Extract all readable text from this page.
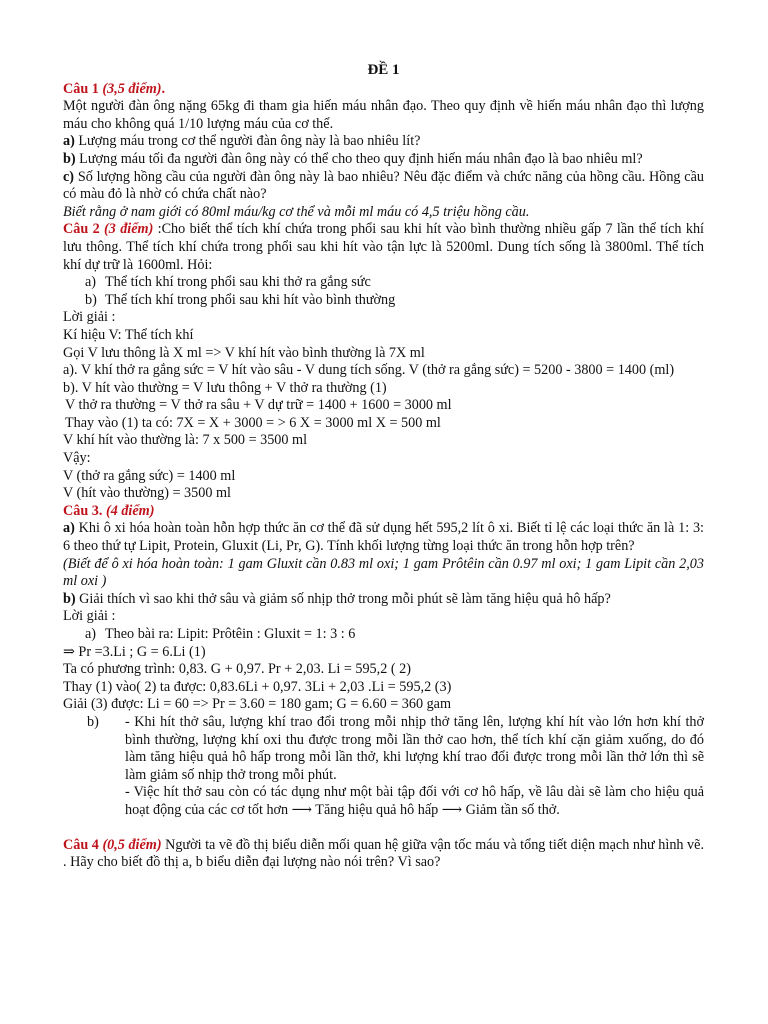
ĐỀ 1

Câu 1 (3,5 điểm).

Một người đàn ông nặng 65kg đi tham gia hiến máu nhân đạo. Theo quy định về hiến máu nhân đạo thì lượng máu cho không quá 1/10 lượng máu của cơ thể.

a) Lượng máu trong cơ thể người đàn ông này là bao nhiêu lít?

b) Lượng máu tối đa người đàn ông này có thể cho theo quy định hiến máu nhân đạo là bao nhiêu ml?

c) Số lượng hồng cầu của người đàn ông này là bao nhiêu? Nêu đặc điểm và chức năng của hồng cầu. Hồng cầu có màu đỏ là nhờ có chứa chất nào?

Biết rằng ở nam giới có 80ml máu/kg cơ thể và mỗi ml máu có 4,5 triệu hồng cầu.

Câu 2 (3 điểm) :Cho biết thể tích khí chứa trong phổi sau khi hít vào bình thường nhiều gấp 7 lần thể tích khí lưu thông. Thể tích khí chứa trong phổi sau khi hít vào tận lực là 5200ml. Dung tích sống là 3800ml. Thể tích khí dự trữ là 1600ml. Hỏi:

a) Thể tích khí trong phổi sau khi thở ra gắng sức
b) Thể tích khí trong phổi sau khi hít vào bình thường

Lời giải :

Kí hiệu V: Thể tích khí

Gọi V lưu thông là X ml => V khí hít vào bình thường là 7X ml

a). V khí thở ra gắng sức = V hít vào sâu - V dung tích sống. V (thở ra gắng sức) = 5200 - 3800 = 1400 (ml)

b). V hít vào thường = V lưu thông + V thở ra thường (1)

V thở ra thường = V thở ra sâu + V dự trữ = 1400 + 1600 = 3000 ml

Thay vào (1) ta có: 7X = X + 3000 = > 6 X = 3000 ml X = 500 ml

V khí hít vào thường là: 7 x 500 = 3500 ml

Vậy:

V (thở ra gắng sức) = 1400 ml

V (hít vào thường) = 3500 ml

Câu 3. (4 điểm)

a) Khi ô xi hóa hoàn toàn hỗn hợp thức ăn cơ thể đã sử dụng hết 595,2 lít ô xi. Biết tỉ lệ các loại thức ăn là 1: 3: 6 theo thứ tự Lipit, Protein, Gluxit (Li, Pr, G). Tính khối lượng từng loại thức ăn trong hỗn hợp trên?

(Biết để ô xi hóa hoàn toàn: 1 gam Gluxit cần 0.83 ml oxi; 1 gam Prôtêin cần 0.97 ml oxi; 1 gam Lipit cần 2,03 ml oxi )

b) Giải thích vì sao khi thở sâu và giảm số nhịp thở trong mỗi phút sẽ làm tăng hiệu quả hô hấp?

Lời giải :

a) Theo bài ra: Lipit: Prôtêin : Gluxit = 1: 3 : 6

⇒ Pr =3.Li ; G = 6.Li (1)

Ta có phương trình: 0,83. G + 0,97. Pr + 2,03. Li = 595,2 ( 2)

Thay (1) vào( 2) ta được: 0,83.6Li + 0,97. 3Li + 2,03 .Li = 595,2 (3)

Giải (3) được: Li = 60 => Pr = 3.60 = 180 gam; G = 6.60 = 360 gam

b)	- Khi hít thở sâu, lượng khí trao đổi trong mỗi nhịp thở tăng lên, lượng khí hít vào lớn hơn khí thở bình thường, lượng khí oxi thu được trong mỗi lần thở cao hơn, thể tích khí cặn giảm xuống, do đó làm tăng hiệu quả hô hấp trong mỗi lần thở, khi lượng khí trao đổi được trong mỗi lần thở lớn thì sẽ làm giảm số nhịp thở trong mỗi phút.
- Việc hít thở sau còn có tác dụng như một bài tập đối với cơ hô hấp, về lâu dài sẽ làm cho hiệu quả hoạt động của các cơ tốt hơn ⟶ Tăng hiệu quả hô hấp ⟶ Giảm tần số thở.

Câu 4 (0,5 điểm) Người ta vẽ đồ thị biểu diễn mối quan hệ giữa vận tốc máu và tổng tiết diện mạch như hình vẽ. . Hãy cho biết đồ thị a, b biểu diễn đại lượng nào nói trên? Vì sao?
